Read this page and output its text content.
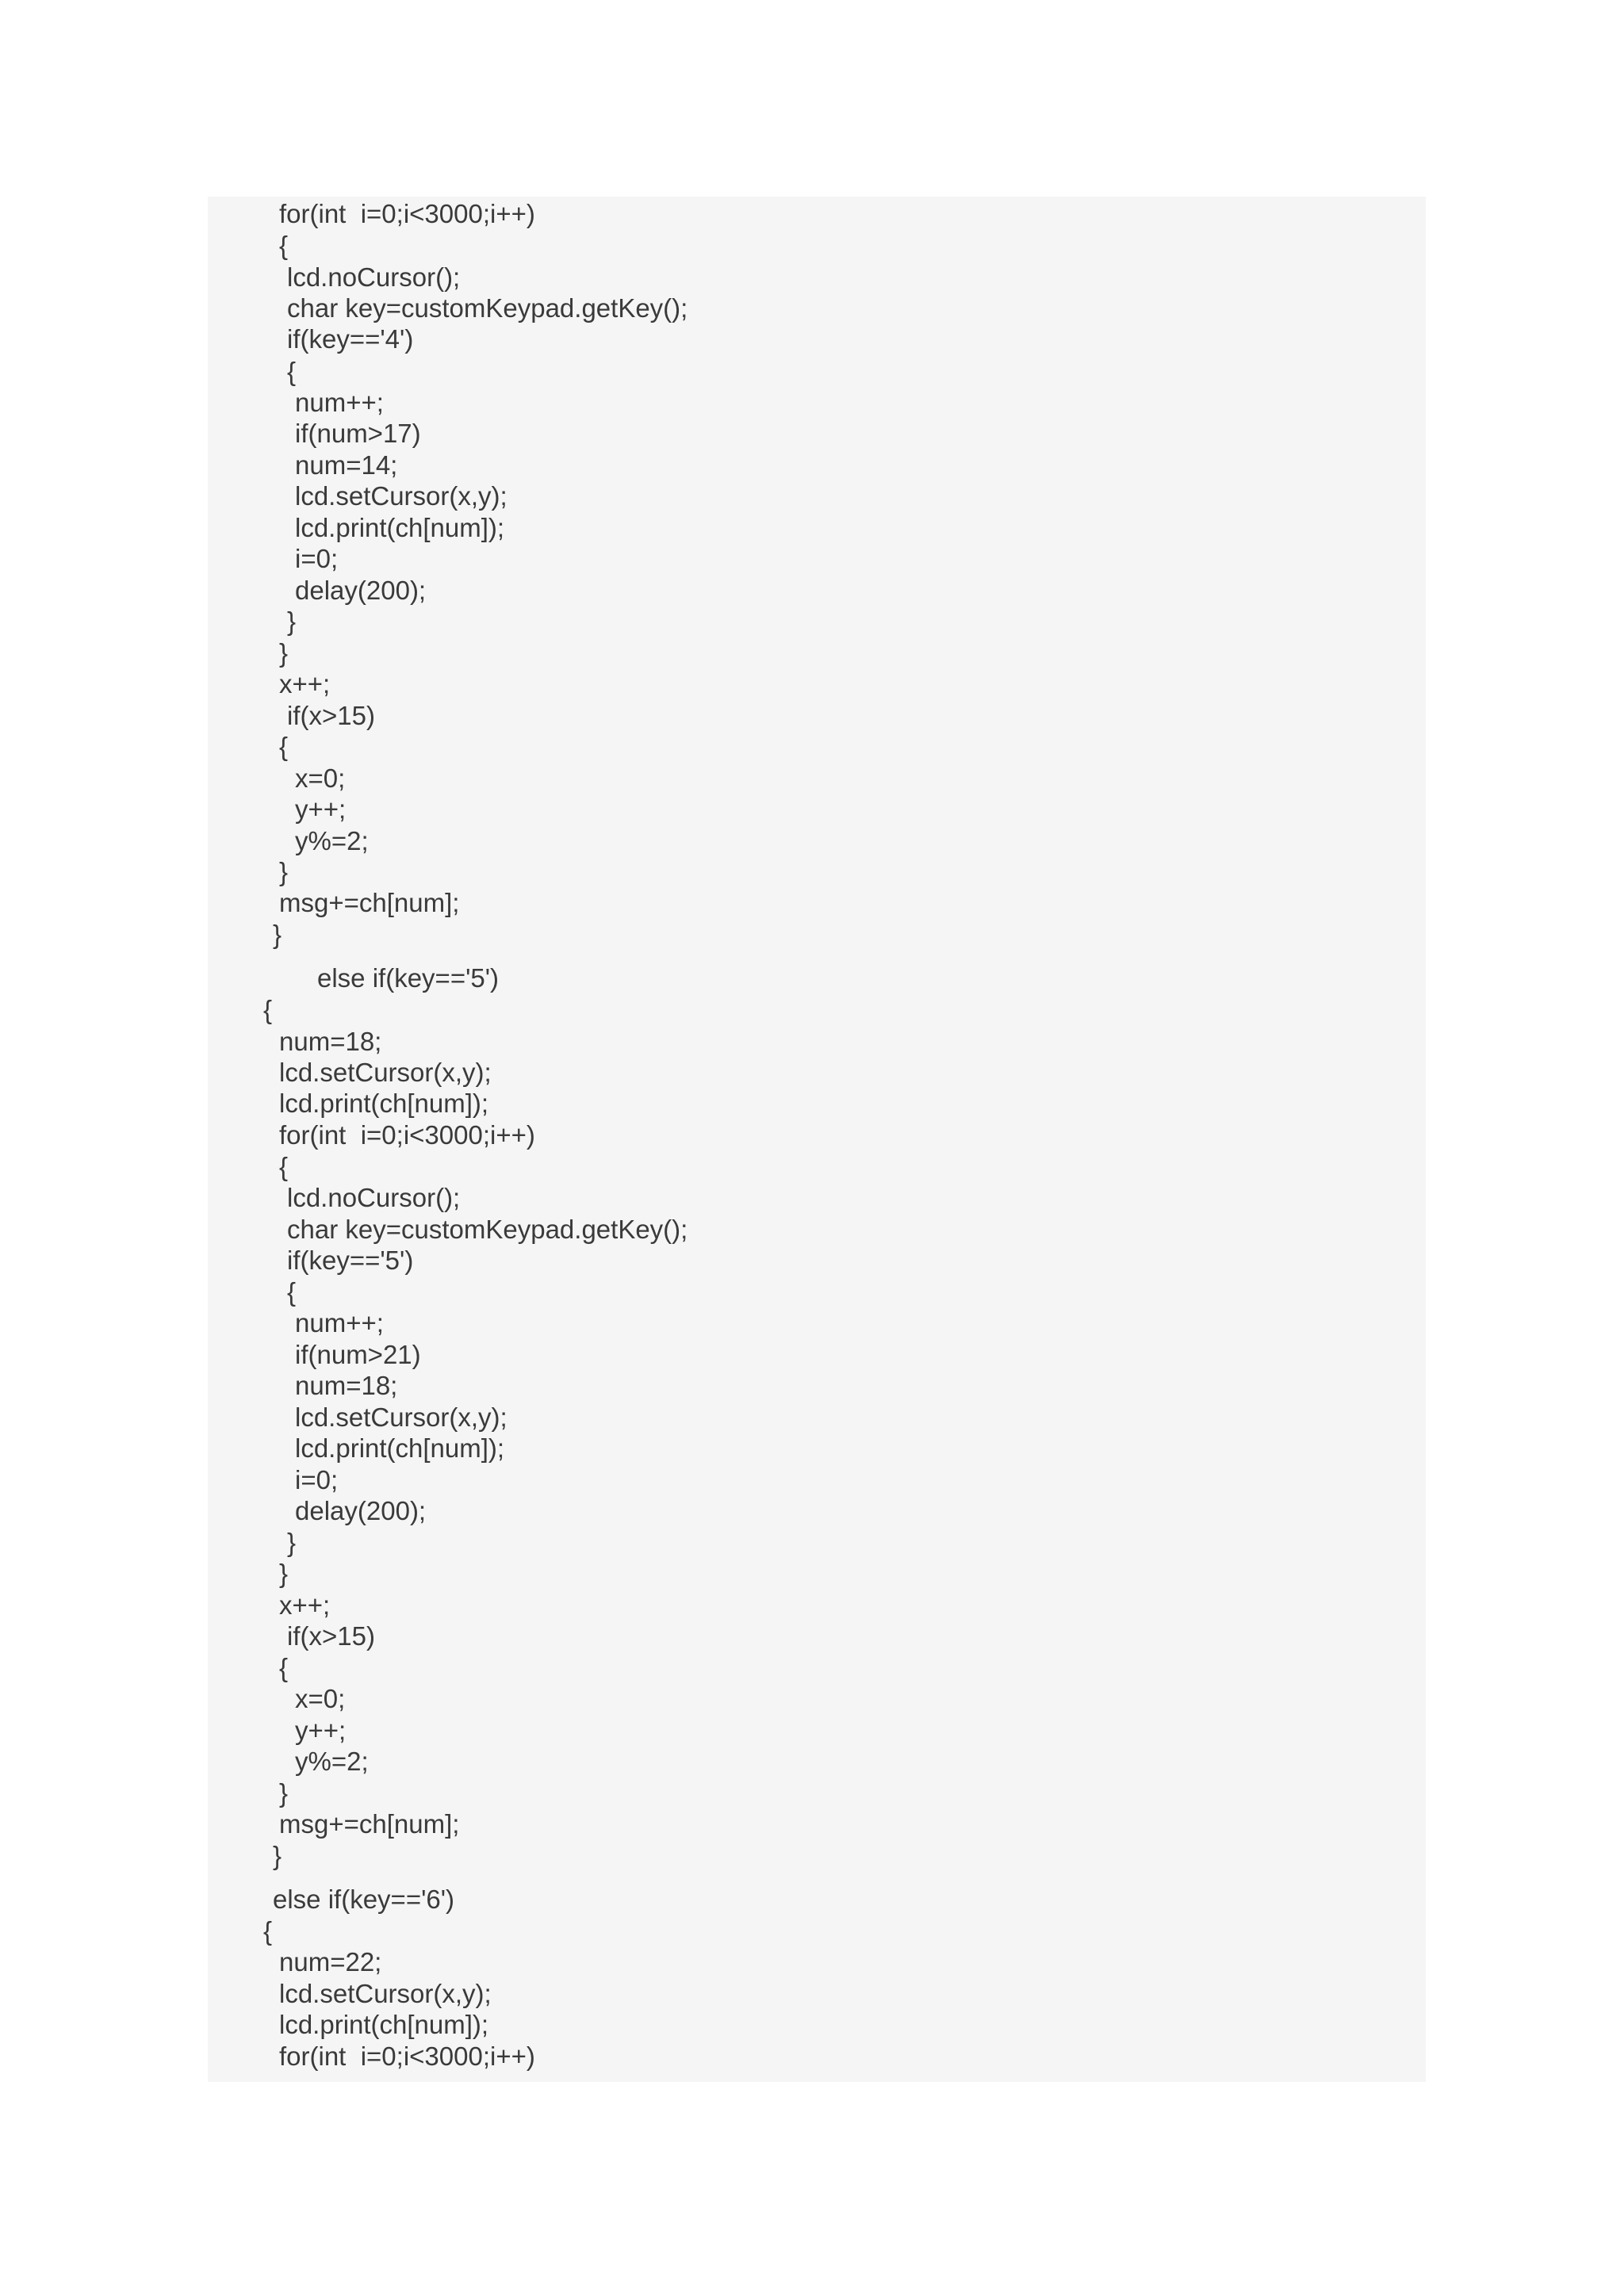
for(int  i=0;i<3000;i++)
{
lcd.noCursor();
char key=customKeypad.getKey();
if(key=='4')
{
num++;
if(num>17)
num=14;
lcd.setCursor(x,y);
lcd.print(ch[num]);
i=0;
delay(200);
}
}
x++;
if(x>15)
{
x=0;
y++;
y%=2;
}
msg+=ch[num];
}
else if(key=='5')
{
num=18;
lcd.setCursor(x,y);
lcd.print(ch[num]);
for(int  i=0;i<3000;i++)
{
lcd.noCursor();
char key=customKeypad.getKey();
if(key=='5')
{
num++;
if(num>21)
num=18;
lcd.setCursor(x,y);
lcd.print(ch[num]);
i=0;
delay(200);
}
}
x++;
if(x>15)
{
x=0;
y++;
y%=2;
}
msg+=ch[num];
}
else if(key=='6')
{
num=22;
lcd.setCursor(x,y);
lcd.print(ch[num]);
for(int  i=0;i<3000;i++)
